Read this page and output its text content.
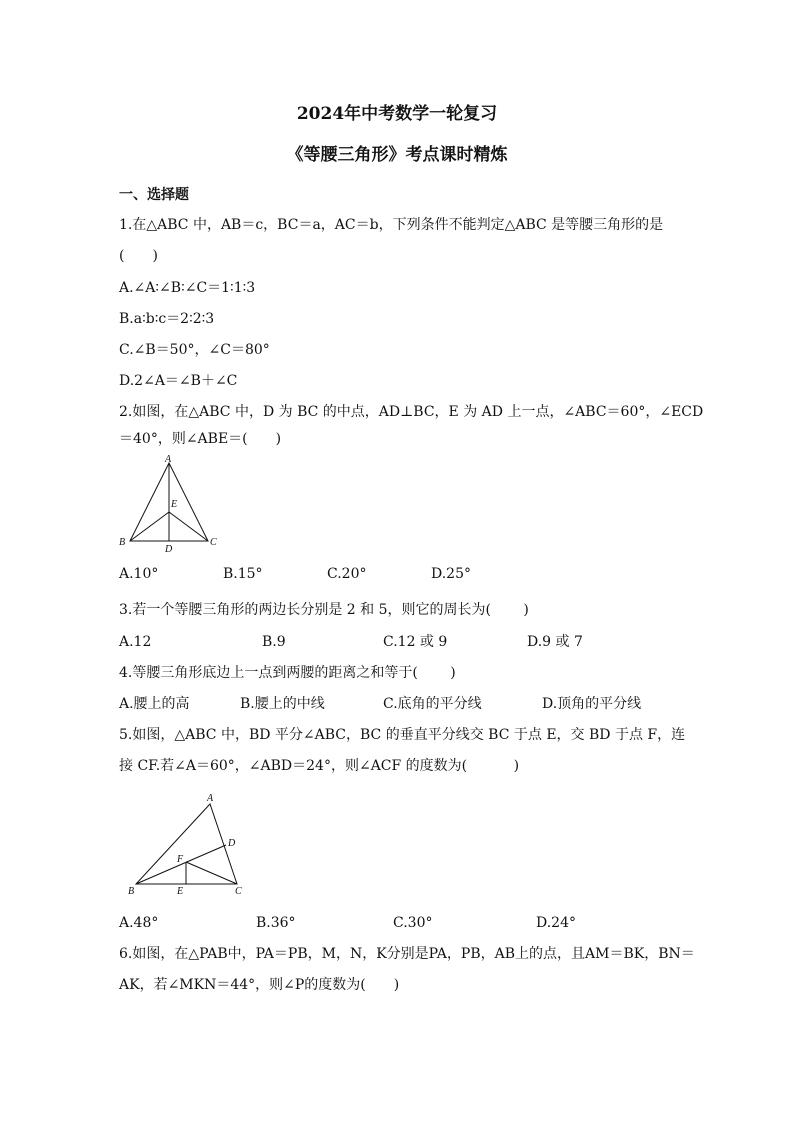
2024年中考数学一轮复习
《等腰三角形》考点课时精炼
一、选择题
1.在△ABC 中，AB＝c，BC＝a，AC＝b，下列条件不能判定△ABC 是等腰三角形的是
(　　)
A.∠A∶∠B∶∠C＝1∶1∶3
B.a∶b∶c＝2∶2∶3
C.∠B＝50°，∠C＝80°
D.2∠A＝∠B＋∠C
2.如图，在△ABC 中，D 为 BC 的中点，AD⊥BC，E 为 AD 上一点，∠ABC＝60°，∠ECD
＝40°，则∠ABE＝(　　)
A
B	C
D
E
A.10°	B.15°	C.20°	D.25°
3.若一个等腰三角形的两边长分别是 2 和 5，则它的周长为(　　 )
A.12	B.9	C.12 或 9	D.9 或 7
4.等腰三角形底边上一点到两腰的距离之和等于(　　 )
A.腰上的高	B.腰上的中线	C.底角的平分线	D.顶角的平分线
5.如图，△ABC 中，BD 平分∠ABC，BC 的垂直平分线交 BC 于点 E，交 BD 于点 F，连
接 CF.若∠A＝60°，∠ABD＝24°，则∠ACF 的度数为(　　　 )
A
B	C
D
E
F
A.48°	B.36°	C.30°	D.24°
6.如图，在△PAB中，PA＝PB，M，N，K分别是PA，PB，AB上的点，且AM＝BK，BN＝
AK，若∠MKN＝44°，则∠P的度数为(　　)
